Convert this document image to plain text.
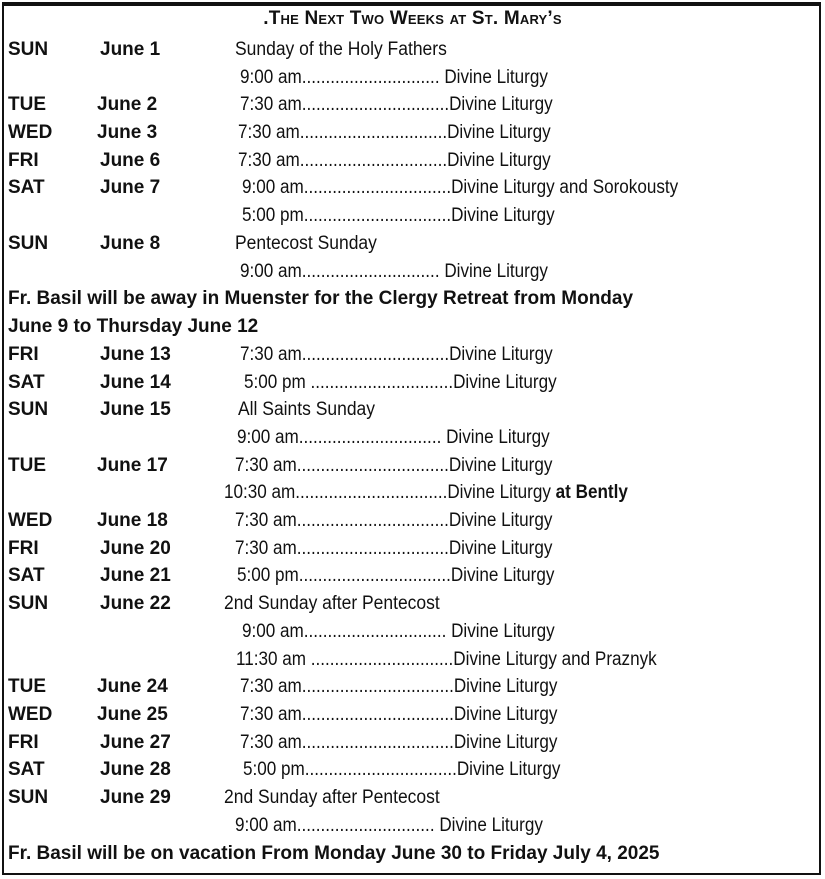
.The Next Two Weeks at St. Mary’s
SUN	June 1	Sunday of the Holy Fathers
9:00 am............................. Divine Liturgy
TUE	June 2	7:30 am...............................Divine Liturgy
WED June 3	7:30 am...............................Divine Liturgy
FRI	June 6	7:30 am...............................Divine Liturgy
SAT	June 7	9:00 am...............................Divine Liturgy and Sorokousty
5:00 pm...............................Divine Liturgy
SUN	June 8	Pentecost Sunday
9:00 am............................. Divine Liturgy
Fr. Basil will be away in Muenster for the Clergy Retreat from Monday
June 9 to Thursday June 12
FRI	June 13	7:30 am...............................Divine Liturgy
SAT	June 14	5:00 pm ..............................Divine Liturgy
SUN	June 15	All Saints Sunday
9:00 am.............................. Divine Liturgy
TUE	June 17	7:30 am................................Divine Liturgy
10:30 am................................Divine Liturgy at Bently
WED June 18	7:30 am................................Divine Liturgy
FRI	June 20	7:30 am................................Divine Liturgy
SAT	June 21	5:00 pm................................Divine Liturgy
SUN	June 22	2nd Sunday after Pentecost
9:00 am.............................. Divine Liturgy
11:30 am ..............................Divine Liturgy and Praznyk
TUE	June 24	7:30 am................................Divine Liturgy
WED June 25	7:30 am................................Divine Liturgy
FRI	June 27	7:30 am................................Divine Liturgy
SAT	June 28	5:00 pm................................Divine Liturgy
SUN	June 29	2nd Sunday after Pentecost
9:00 am............................. Divine Liturgy
Fr. Basil will be on vacation From Monday June 30 to Friday July 4, 2025
